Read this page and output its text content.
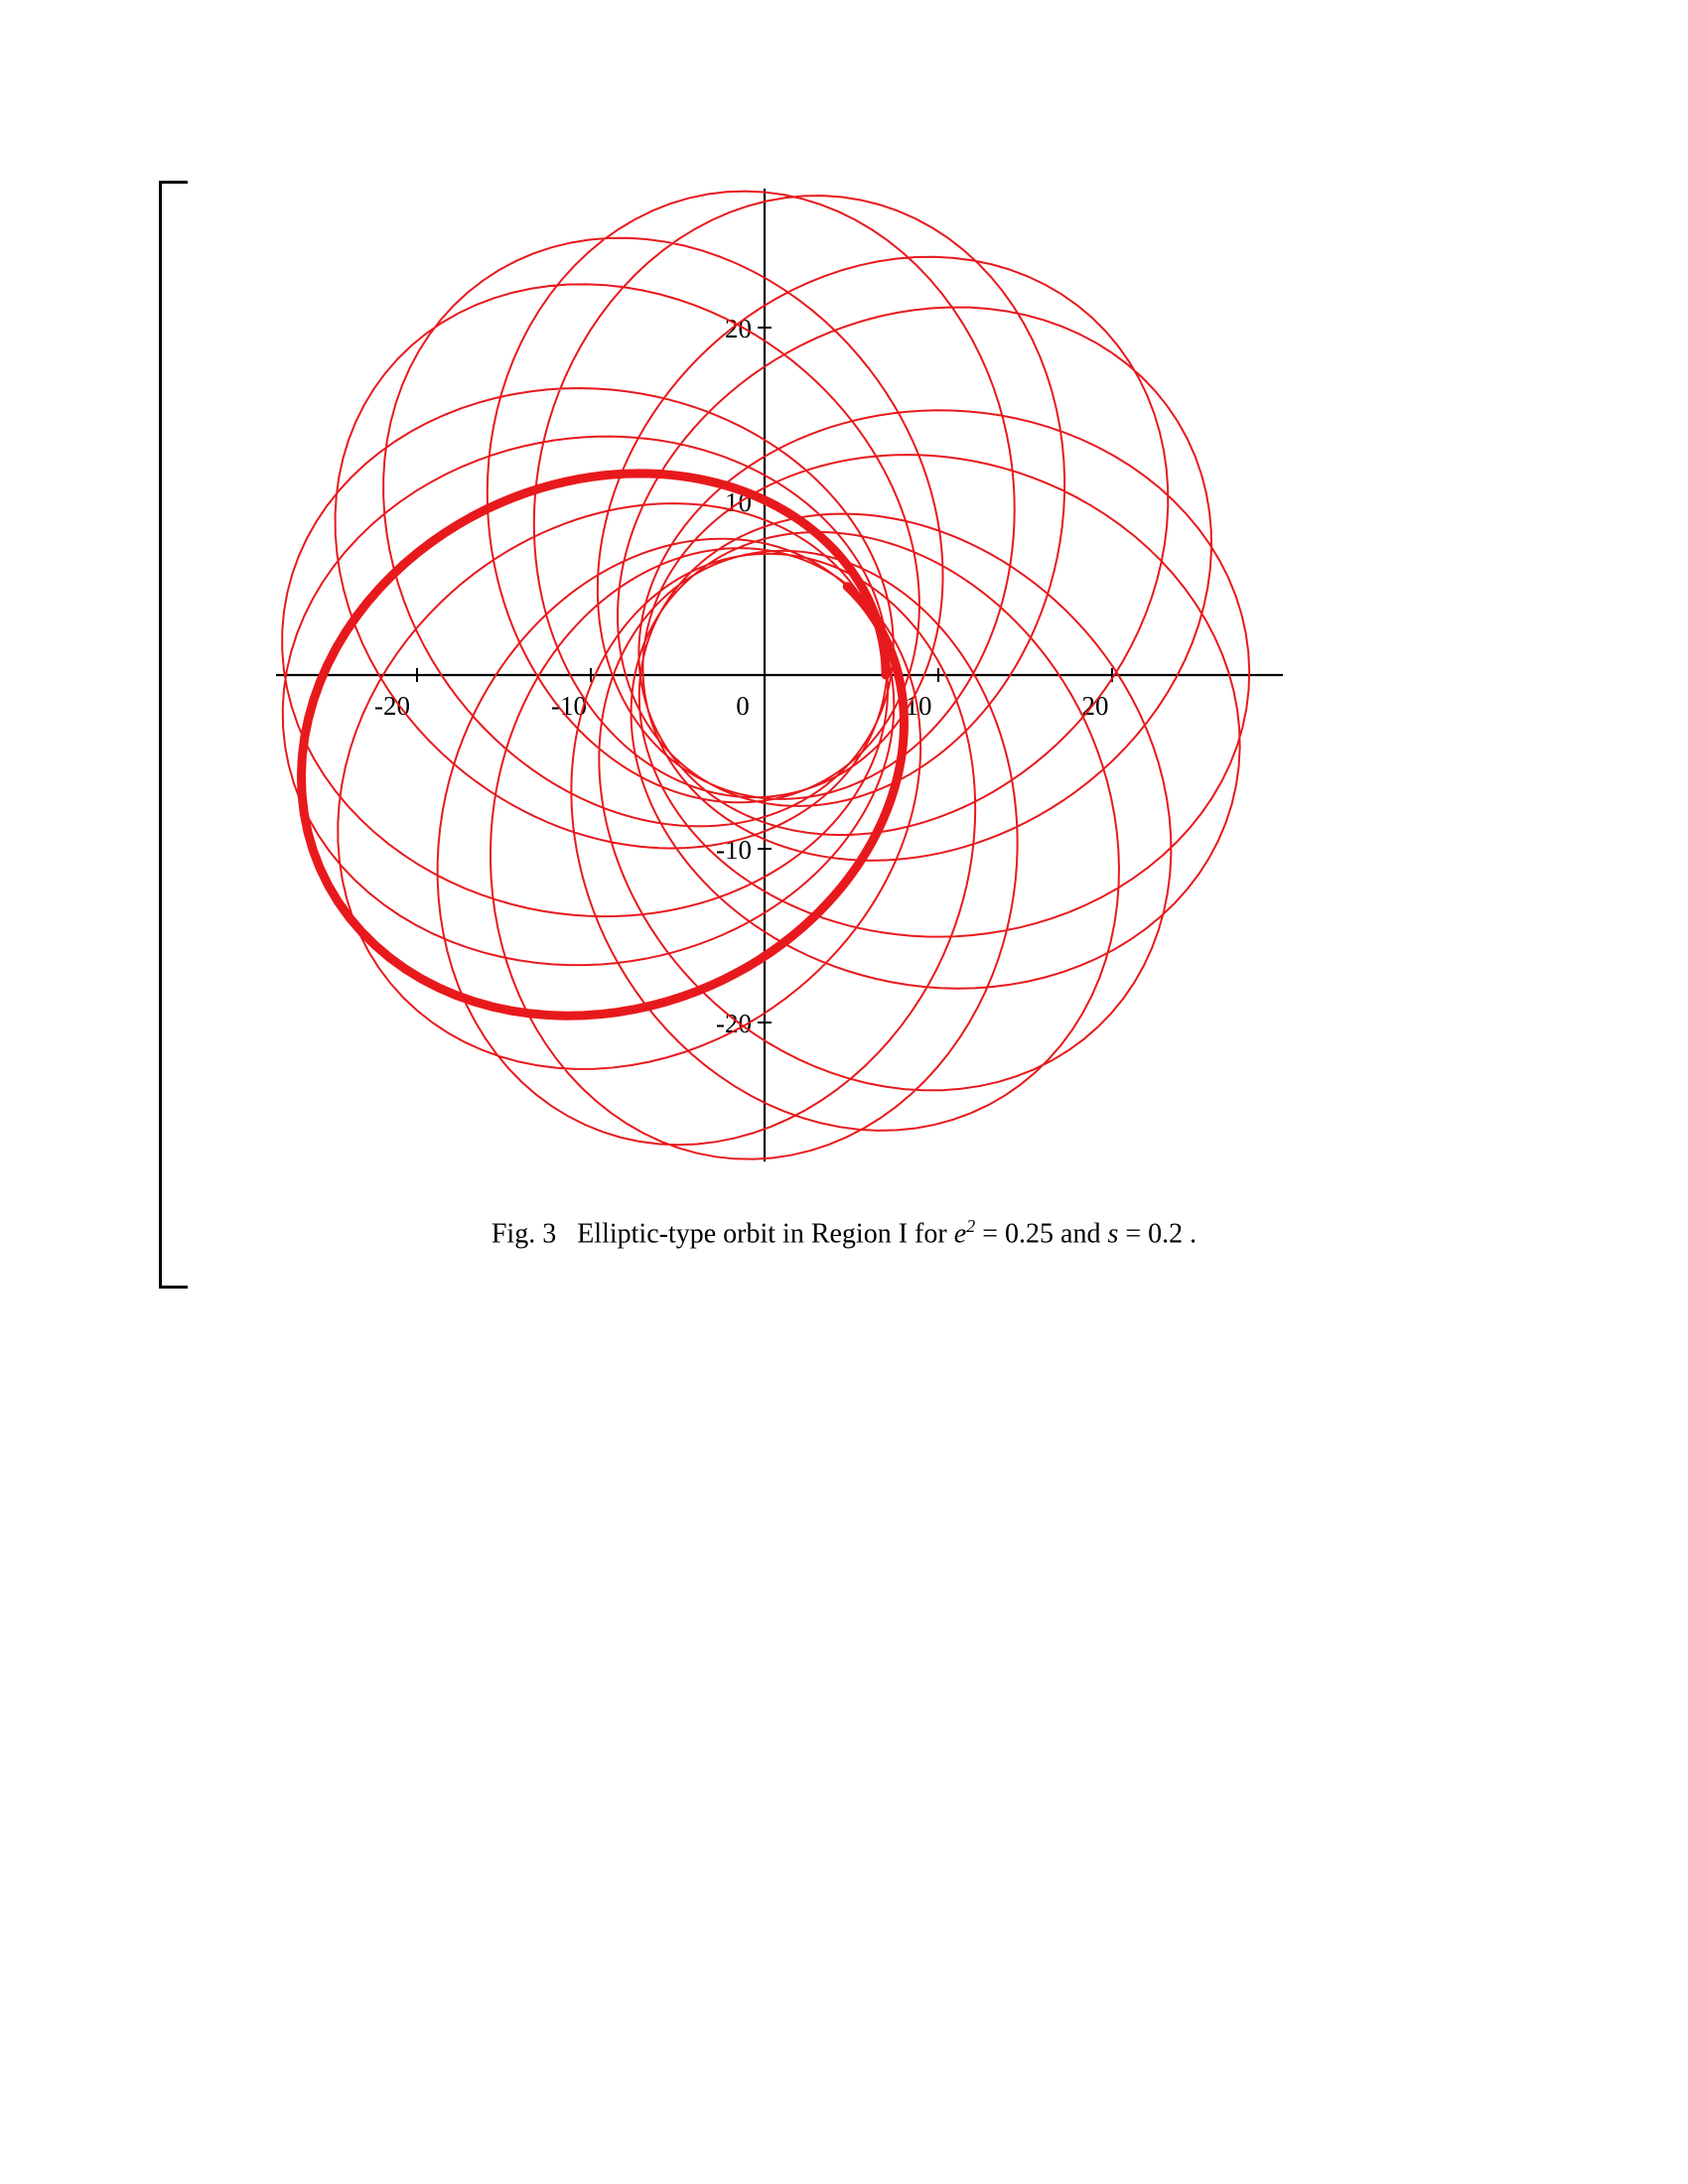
-20	-10	0	10	20
-20
-10
10
20
Fig. 3 Elliptic-type orbit in Region I for $e^2 = 0.25$ and s = 0.2 .
